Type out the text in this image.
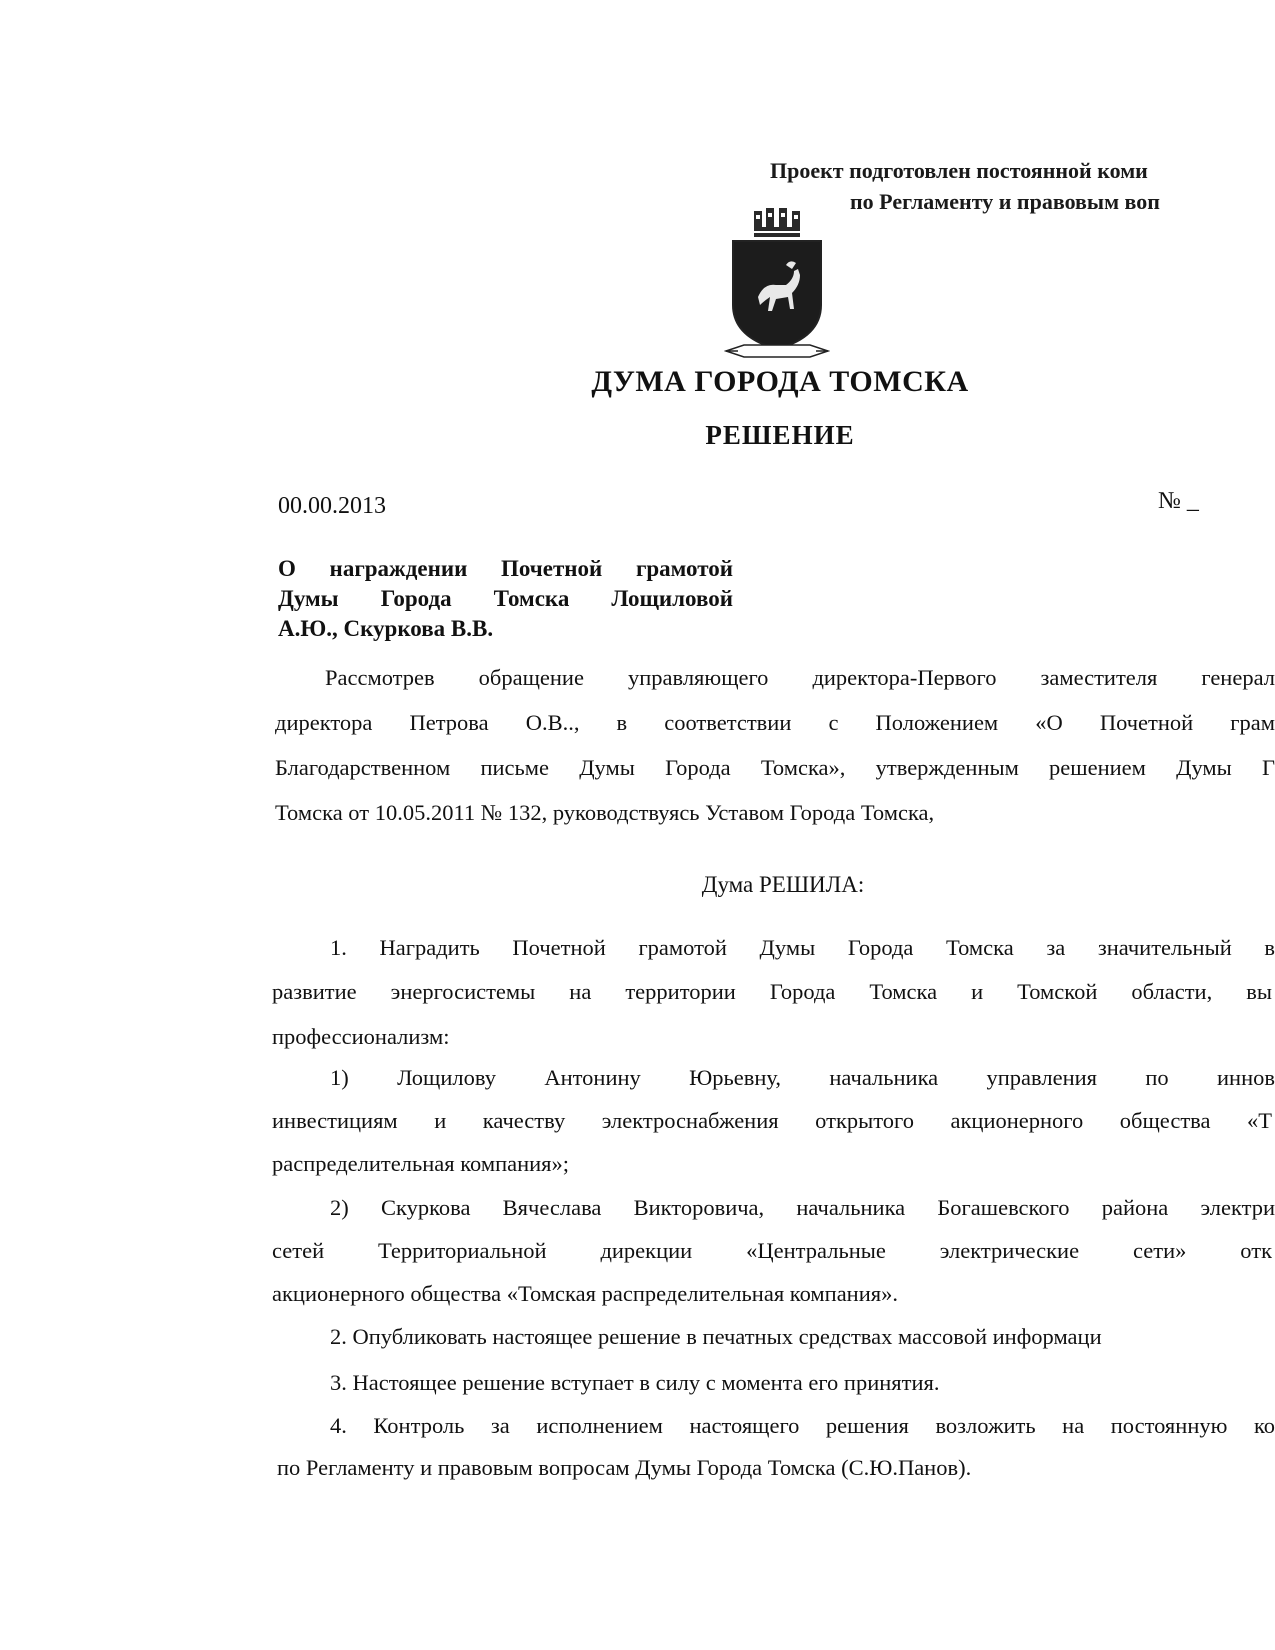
Проект подготовлен постоянной коми
по Регламенту и правовым воп
ДУМА ГОРОДА ТОМСКА
РЕШЕНИЕ
00.00.2013	№ _
О награждении Почетной грамотой
Думы Города Томска Лощиловой
А.Ю., Скуркова В.В.
Рассмотрев обращение управляющего директора-Первого заместителя генерал
директора Петрова О.В.., в соответствии с Положением «О Почетной грам
Благодарственном письме Думы Города Томска», утвержденным решением Думы Г
Томска от 10.05.2011 № 132, руководствуясь Уставом Города Томска,
Дума РЕШИЛА:
1. Наградить Почетной грамотой Думы Города Томска за значительный в
развитие энергосистемы на территории Города Томска и Томской области, вы
профессионализм:
1) Лощилову Антонину Юрьевну, начальника управления по иннов
инвестициям и качеству электроснабжения открытого акционерного общества «Т
распределительная компания»;
2) Скуркова Вячеслава Викторовича, начальника Богашевского района электри
сетей Территориальной дирекции «Центральные электрические сети» отк
акционерного общества «Томская распределительная компания».
2. Опубликовать настоящее решение в печатных средствах массовой информаци
3. Настоящее решение вступает в силу с момента его принятия.
4. Контроль за исполнением настоящего решения возложить на постоянную ко
по Регламенту и правовым вопросам Думы Города Томска (С.Ю.Панов).
